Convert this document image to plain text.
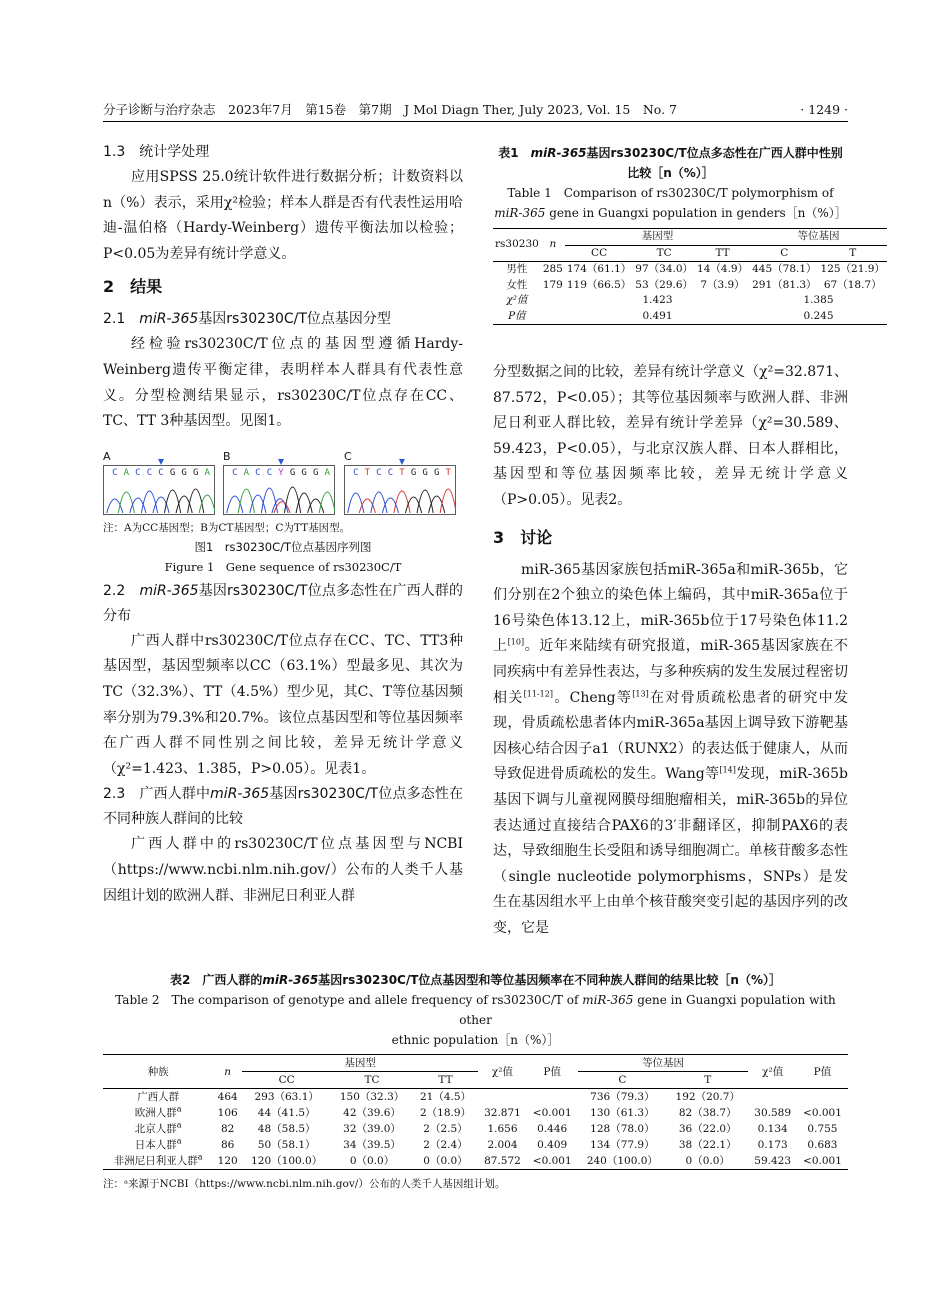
分子诊断与治疗杂志　2023年7月　第15卷　第7期　J Mol Diagn Ther, July 2023, Vol. 15　No. 7	· 1249 ·
1.3　统计学处理
应用SPSS 25.0统计软件进行数据分析；计数资料以n（%）表示，采用χ²检验；样本人群是否有代表性运用哈迪-温伯格（Hardy-Weinberg）遗传平衡法加以检验；P<0.05为差异有统计学意义。
2　结果
2.1　miR-365基因rs30230C/T位点基因分型
经检验rs30230C/T位点的基因型遵循Hardy-Weinberg遗传平衡定律，表明样本人群具有代表性意义。分型检测结果显示，rs30230C/T位点存在CC、TC、TT 3种基因型。见图1。
A
C A C C C G G G A
B
C A C C Y G G G A
C
C T C C T G G G T
注：A为CC基因型；B为CT基因型；C为TT基因型。
图1　rs30230C/T位点基因序列图
Figure 1　Gene sequence of rs30230C/T
2.2　miR-365基因rs30230C/T位点多态性在广西人群的分布
广西人群中rs30230C/T位点存在CC、TC、TT3种基因型，基因型频率以CC（63.1%）型最多见、其次为TC（32.3%）、TT（4.5%）型少见，其C、T等位基因频率分别为79.3%和20.7%。该位点基因型和等位基因频率在广西人群不同性别之间比较，差异无统计学意义（χ²=1.423、1.385，P>0.05）。见表1。
2.3　广西人群中miR-365基因rs30230C/T位点多态性在不同种族人群间的比较
广西人群中的rs30230C/T位点基因型与NCBI（https://www.ncbi.nlm.nih.gov/）公布的人类千人基因组计划的欧洲人群、非洲尼日利亚人群
表1　miR-365基因rs30230C/T位点多态性在广西人群中性别比较［n（%）］
Table 1　Comparison of rs30230C/T polymorphism of
miR-365 gene in Guangxi population in genders［n（%）］
rs30230	n	基因型			等位基因	
		CC	TC	TT	C	T
男性	285	174（61.1）	97（34.0）	14（4.9）	445（78.1）	125（21.9）
女性	179	119（66.5）	53（29.6）	7（3.9）	291（81.3）	67（18.7）
χ²值		1.423			1.385	
P值		0.491			0.245	
分型数据之间的比较，差异有统计学意义（χ²=32.871、87.572，P<0.05）；其等位基因频率与欧洲人群、非洲尼日利亚人群比较，差异有统计学差异（χ²=30.589、59.423，P<0.05），与北京汉族人群、日本人群相比，基因型和等位基因频率比较，差异无统计学意义（P>0.05）。见表2。
3　讨论
miR-365基因家族包括miR-365a和miR-365b，它们分别在2个独立的染色体上编码，其中miR-365a位于16号染色体13.12上，miR-365b位于17号染色体11.2上[10]。近年来陆续有研究报道，miR-365基因家族在不同疾病中有差异性表达，与多种疾病的发生发展过程密切相关[11-12]。Cheng等[13]在对骨质疏松患者的研究中发现，骨质疏松患者体内miR-365a基因上调导致下游靶基因核心结合因子a1（RUNX2）的表达低于健康人，从而导致促进骨质疏松的发生。Wang等[14]发现，miR-365b基因下调与儿童视网膜母细胞瘤相关，miR-365b的异位表达通过直接结合PAX6的3′非翻译区，抑制PAX6的表达，导致细胞生长受阻和诱导细胞凋亡。单核苷酸多态性（single nucleotide polymorphisms，SNPs）是发生在基因组水平上由单个核苷酸突变引起的基因序列的改变，它是
表2　广西人群的miR-365基因rs30230C/T位点基因型和等位基因频率在不同种族人群间的结果比较［n（%）］
Table 2　The comparison of genotype and allele frequency of rs30230C/T of miR-365 gene in Guangxi population with other
ethnic population［n（%）］
种族	n	基因型			χ²值	P值	等位基因		χ²值	P值
		CC	TC	TT			C	T		
广西人群	464	293（63.1）	150（32.3）	21（4.5）			736（79.3）	192（20.7）		
欧洲人群$^a$	106	44（41.5）	42（39.6）	2（18.9）	32.871	<0.001	130（61.3）	82（38.7）	30.589	<0.001
北京人群$^a$	82	48（58.5）	32（39.0）	2（2.5）	1.656	0.446	128（78.0）	36（22.0）	0.134	0.755
日本人群$^a$	86	50（58.1）	34（39.5）	2（2.4）	2.004	0.409	134（77.9）	38（22.1）	0.173	0.683
非洲尼日利亚人群$^a$	120	120（100.0）	0（0.0）	0（0.0）	87.572	<0.001	240（100.0）	0（0.0）	59.423	<0.001
注：ᵃ来源于NCBI（https://www.ncbi.nlm.nih.gov/）公布的人类千人基因组计划。
